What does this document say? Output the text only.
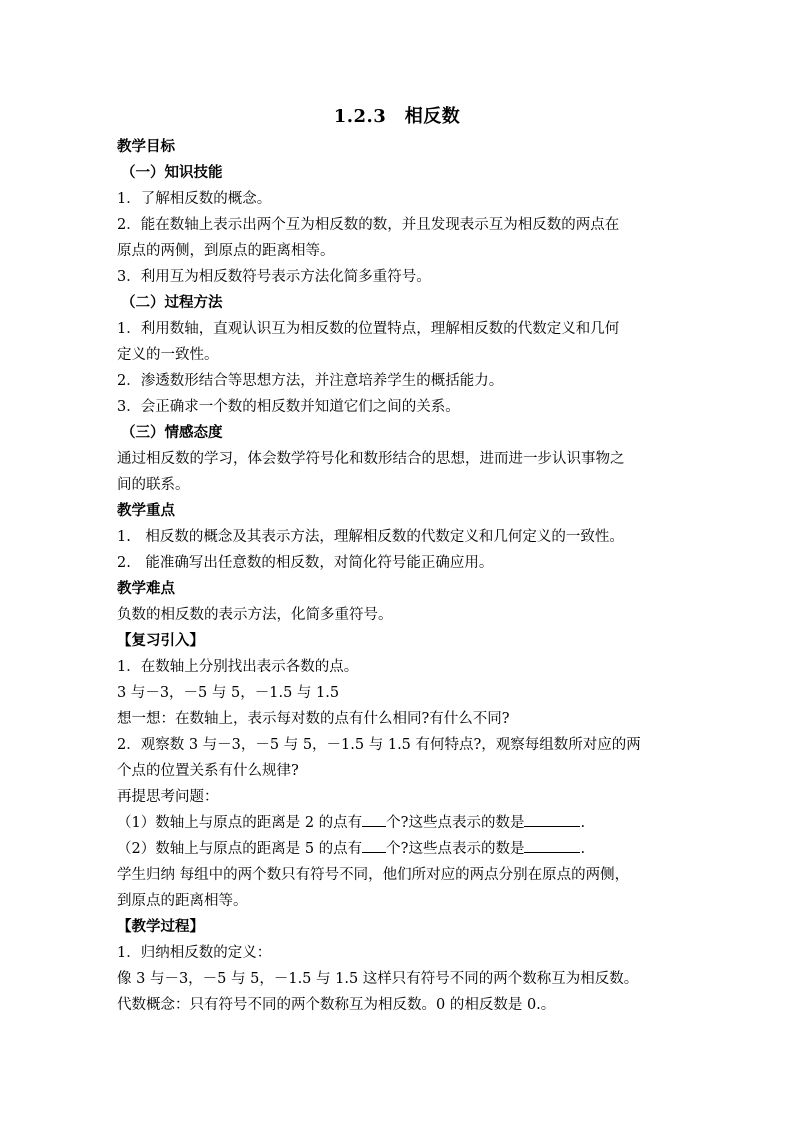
1.2.3　相反数
教学目标
（一）知识技能
1．了解相反数的概念。
2．能在数轴上表示出两个互为相反数的数，并且发现表示互为相反数的两点在
原点的两侧，到原点的距离相等。
3．利用互为相反数符号表示方法化简多重符号。
（二）过程方法
1．利用数轴，直观认识互为相反数的位置特点，理解相反数的代数定义和几何
定义的一致性。
2．渗透数形结合等思想方法，并注意培养学生的概括能力。
3．会正确求一个数的相反数并知道它们之间的关系。
（三）情感态度
通过相反数的学习，体会数学符号化和数形结合的思想，进而进一步认识事物之
间的联系。
教学重点
1.　相反数的概念及其表示方法，理解相反数的代数定义和几何定义的一致性。
2.　能准确写出任意数的相反数，对简化符号能正确应用。
教学难点
负数的相反数的表示方法，化简多重符号。
【复习引入】
1．在数轴上分别找出表示各数的点。
3 与－3，－5 与 5，－1.5 与 1.5
想一想：在数轴上，表示每对数的点有什么相同?有什么不同?
2．观察数 3 与－3，－5 与 5，－1.5 与 1.5 有何特点?，观察每组数所对应的两
个点的位置关系有什么规律?
再提思考问题：
（1）数轴上与原点的距离是 2 的点有 个?这些点表示的数是	.
（2）数轴上与原点的距离是 5 的点有 个?这些点表示的数是	.
学生归纳 每组中的两个数只有符号不同，他们所对应的两点分别在原点的两侧，
到原点的距离相等。
【教学过程】
1．归纳相反数的定义：
像 3 与－3，－5 与 5，－1.5 与 1.5 这样只有符号不同的两个数称互为相反数。
代数概念：只有符号不同的两个数称互为相反数。0 的相反数是 0.。
